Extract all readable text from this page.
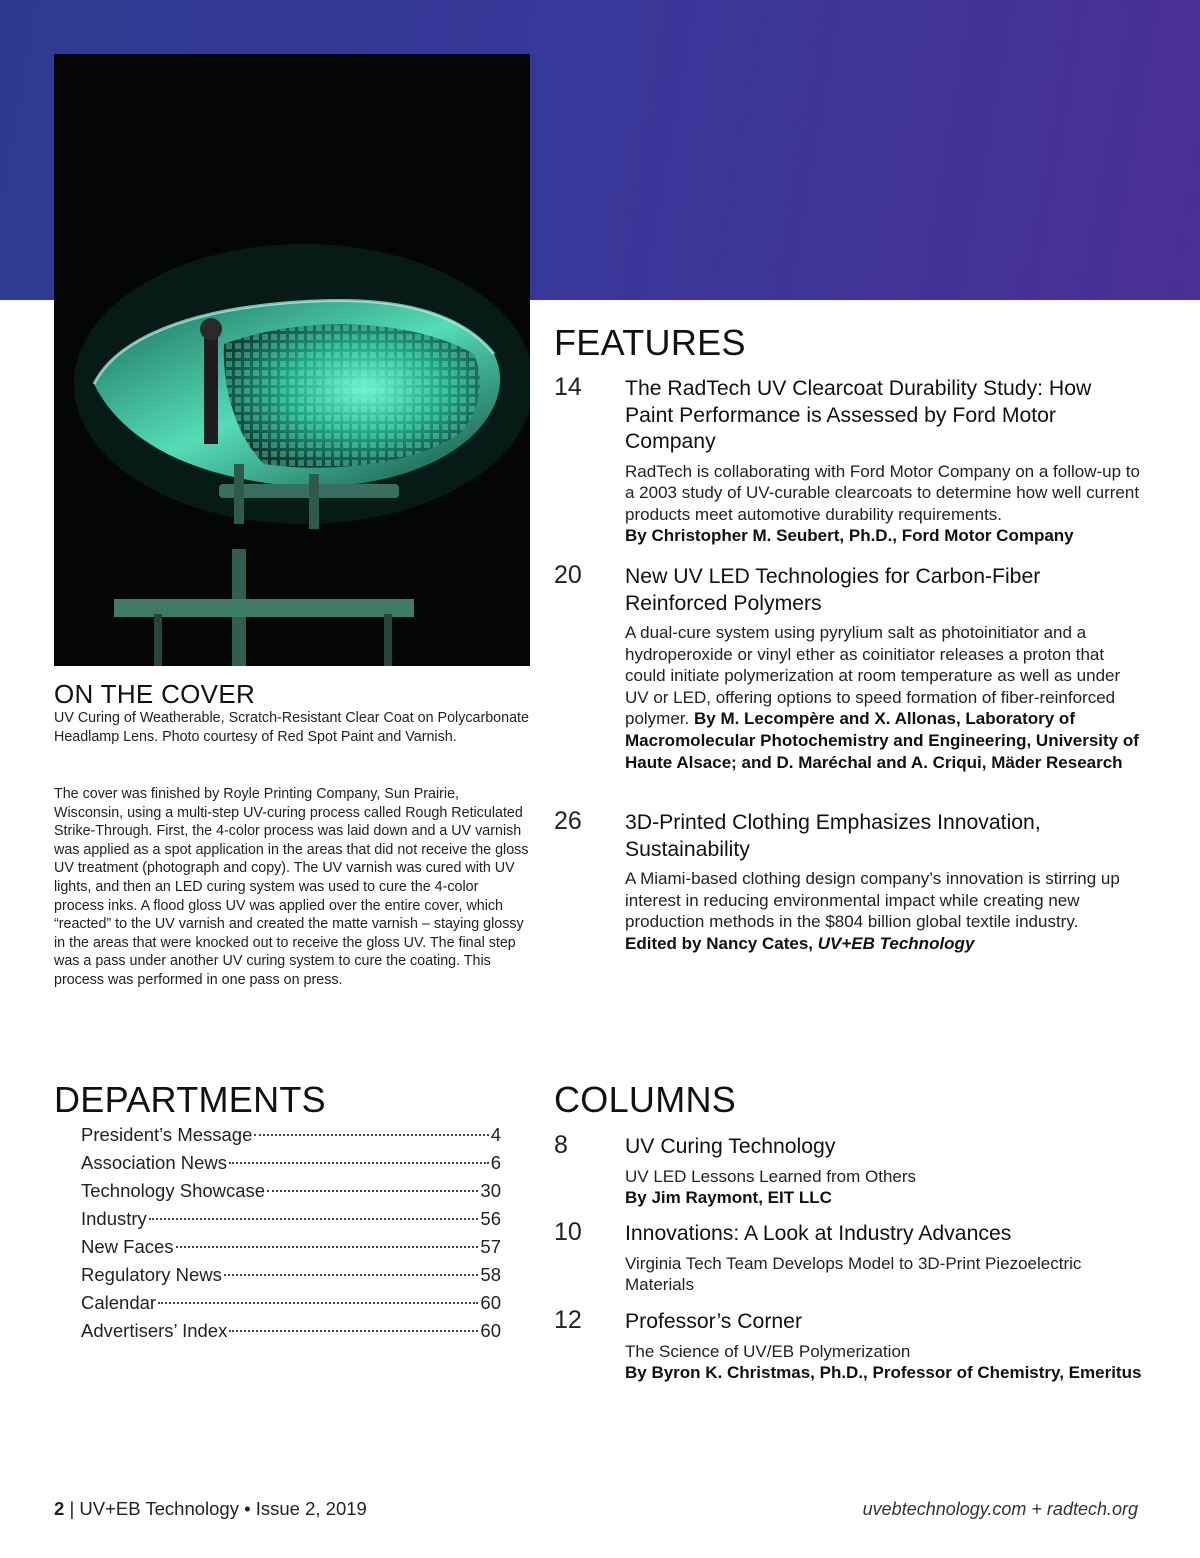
ON THE COVER
UV Curing of Weatherable, Scratch-Resistant Clear Coat on Polycarbonate Headlamp Lens. Photo courtesy of Red Spot Paint and Varnish.
The cover was finished by Royle Printing Company, Sun Prairie, Wisconsin, using a multi-step UV-curing process called Rough Reticulated Strike-Through. First, the 4-color process was laid down and a UV varnish was applied as a spot application in the areas that did not receive the gloss UV treatment (photograph and copy). The UV varnish was cured with UV lights, and then an LED curing system was used to cure the 4-color process inks. A flood gloss UV was applied over the entire cover, which “reacted” to the UV varnish and created the matte varnish – staying glossy in the areas that were knocked out to receive the gloss UV. The final step was a pass under another UV curing system to cure the coating. This process was performed in one pass on press.
FEATURES
14 The RadTech UV Clearcoat Durability Study: How Paint Performance is Assessed by Ford Motor Company
RadTech is collaborating with Ford Motor Company on a follow-up to a 2003 study of UV-curable clearcoats to determine how well current products meet automotive durability requirements.
By Christopher M. Seubert, Ph.D., Ford Motor Company
20 New UV LED Technologies for Carbon-Fiber Reinforced Polymers
A dual-cure system using pyrylium salt as photoinitiator and a hydroperoxide or vinyl ether as coinitiator releases a proton that could initiate polymerization at room temperature as well as under UV or LED, offering options to speed formation of fiber-reinforced polymer. By M. Lecompère and X. Allonas, Laboratory of Macromolecular Photochemistry and Engineering, University of Haute Alsace; and D. Maréchal and A. Criqui, Mäder Research
26 3D-Printed Clothing Emphasizes Innovation, Sustainability
A Miami-based clothing design company’s innovation is stirring up interest in reducing environmental impact while creating new production methods in the $804 billion global textile industry.
Edited by Nancy Cates, UV+EB Technology
DEPARTMENTS
President’s Message	4
Association News	6
Technology Showcase	30
Industry	56
New Faces	57
Regulatory News	58
Calendar	60
Advertisers’ Index	60
COLUMNS
8	UV Curing Technology
UV LED Lessons Learned from Others
By Jim Raymont, EIT LLC
10 Innovations: A Look at Industry Advances
Virginia Tech Team Develops Model to 3D-Print Piezoelectric Materials
12 Professor’s Corner
The Science of UV/EB Polymerization
By Byron K. Christmas, Ph.D., Professor of Chemistry, Emeritus
2 | UV+EB Technology • Issue 2, 2019	uvebtechnology.com + radtech.org
